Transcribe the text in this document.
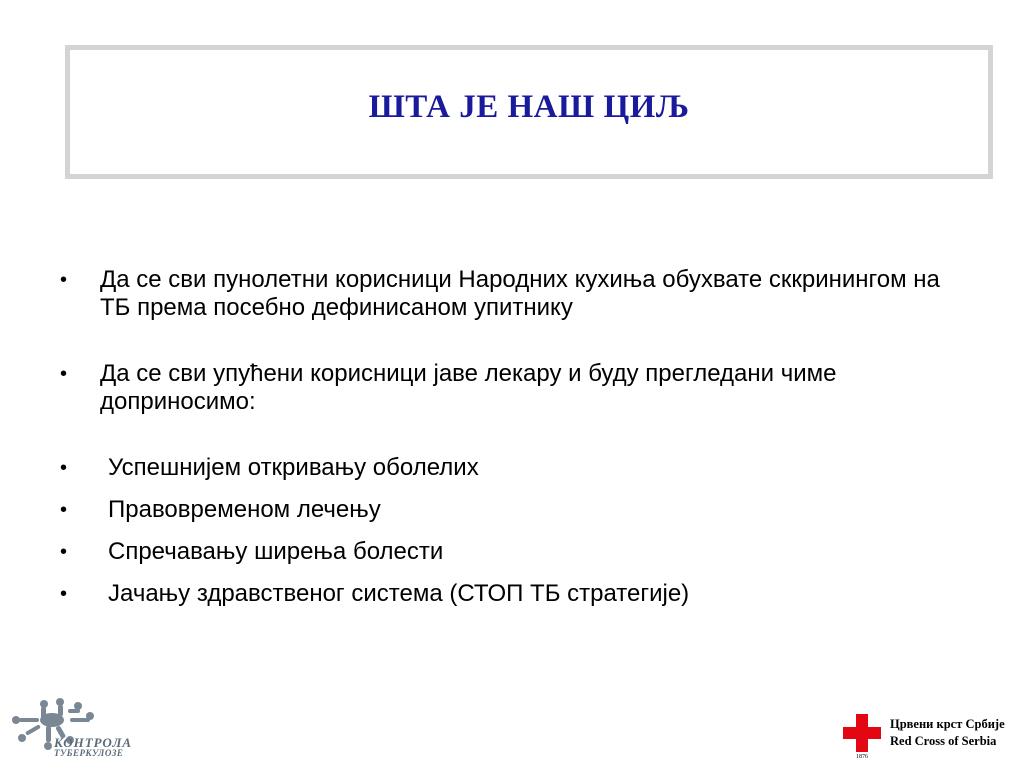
ШТА ЈЕ НАШ ЦИЉ
•	Да се сви пунолетни корисници Народних кухиња обухвате сккринингом на ТБ према посебно дефинисаном упитнику
•	Да се сви упућени корисници јаве лекару и буду прегледани чиме доприносимо:
•	Успешнијем откривању оболелих
•	Правовременом лечењу
•	Спречавању ширења болести
•	Јачању здравственог система (СТОП ТБ стратегије)
КОНТРОЛА
ТУБЕРКУЛОЗЕ	1876
Црвени крст Србије
Red Cross of Serbia
